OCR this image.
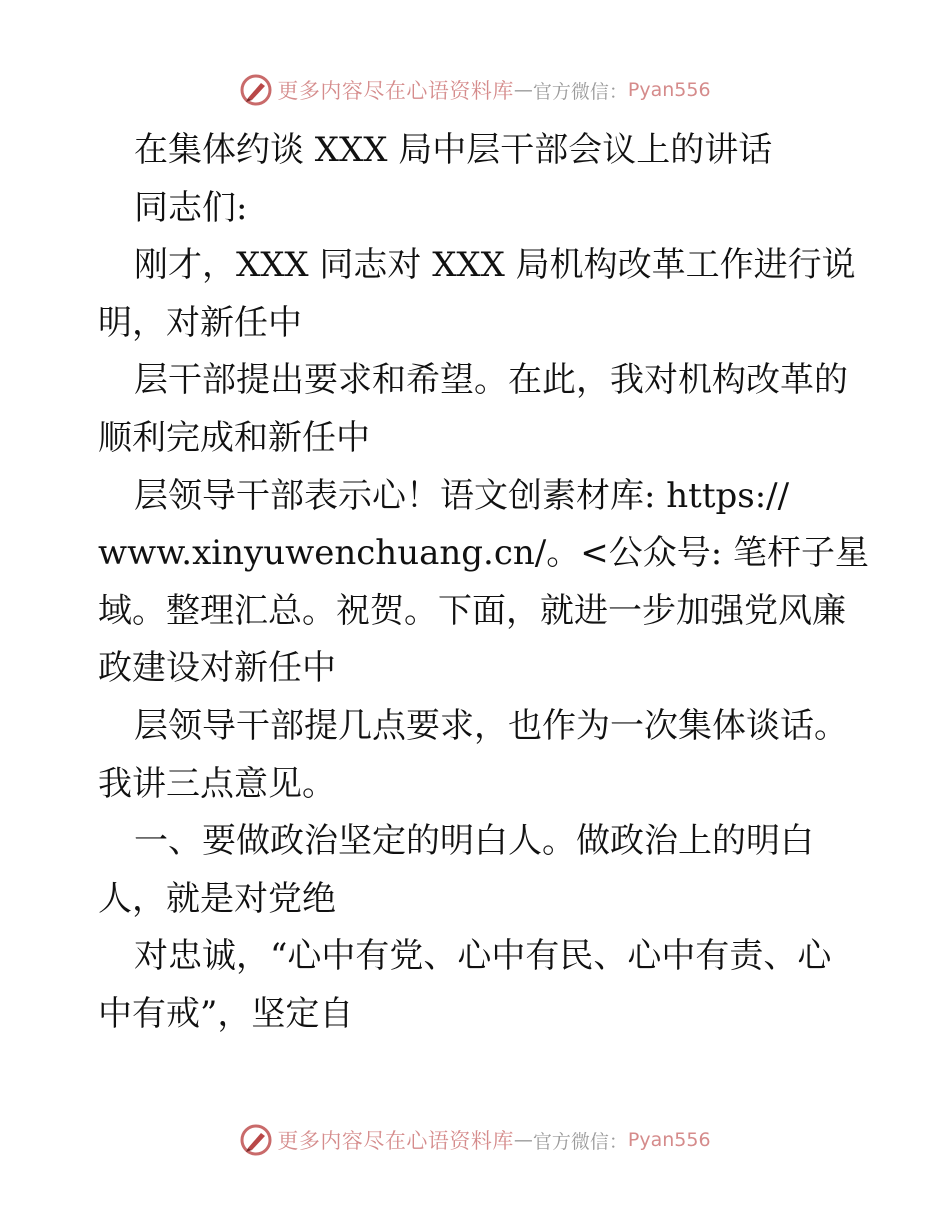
更多内容尽在心语资料库 — 官方微信： Pyan556
在集体约谈 XXX 局中层干部会议上的讲话
同志们:
刚才，XXX 同志对 XXX 局机构改革工作进行说
明，对新任中
层干部提出要求和希望。在此，我对机构改革的
顺利完成和新任中
层领导干部表示心！语文创素材库: https://
www.xinyuwenchuang.cn/。<公众号: 笔杆子星
域。整理汇总。祝贺。下面，就进一步加强党风廉
政建设对新任中
层领导干部提几点要求，也作为一次集体谈话。
我讲三点意见。
一、要做政治坚定的明白人。做政治上的明白
人，就是对党绝
对忠诚，“心中有党、心中有民、心中有责、心
中有戒”，坚定自
更多内容尽在心语资料库 — 官方微信： Pyan556
